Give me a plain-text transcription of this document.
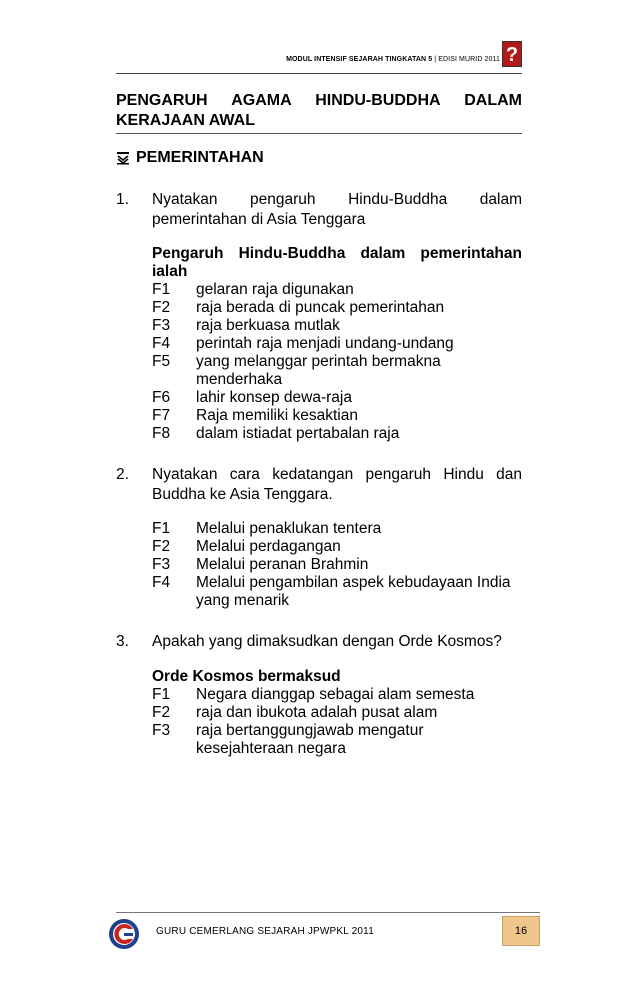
MODUL INTENSIF SEJARAH TINGKATAN 5 | EDISI MURID 2011 ?
PENGARUH AGAMA HINDU-BUDDHA DALAM
KERAJAAN AWAL
PEMERINTAHAN
1. Nyatakan pengaruh Hindu-Buddha dalam pemerintahan di Asia Tenggara
Pengaruh Hindu-Buddha dalam pemerintahan ialah
F1	gelaran raja digunakan
F2	raja berada di puncak pemerintahan
F3	raja berkuasa mutlak
F4	perintah raja menjadi undang-undang
F5	yang melanggar perintah bermakna menderhaka
F6	lahir konsep dewa-raja
F7	Raja memiliki kesaktian
F8	dalam istiadat pertabalan raja
2. Nyatakan cara kedatangan pengaruh Hindu dan Buddha ke Asia Tenggara.
F1	Melalui penaklukan tentera
F2	Melalui perdagangan
F3	Melalui peranan Brahmin
F4	Melalui pengambilan aspek kebudayaan India yang menarik
3. Apakah yang dimaksudkan dengan Orde Kosmos?
Orde Kosmos bermaksud
F1	Negara dianggap sebagai alam semesta
F2	raja dan ibukota adalah pusat alam
F3	raja bertanggungjawab mengatur kesejahteraan negara
GURU CEMERLANG SEJARAH JPWPKL 2011	16
